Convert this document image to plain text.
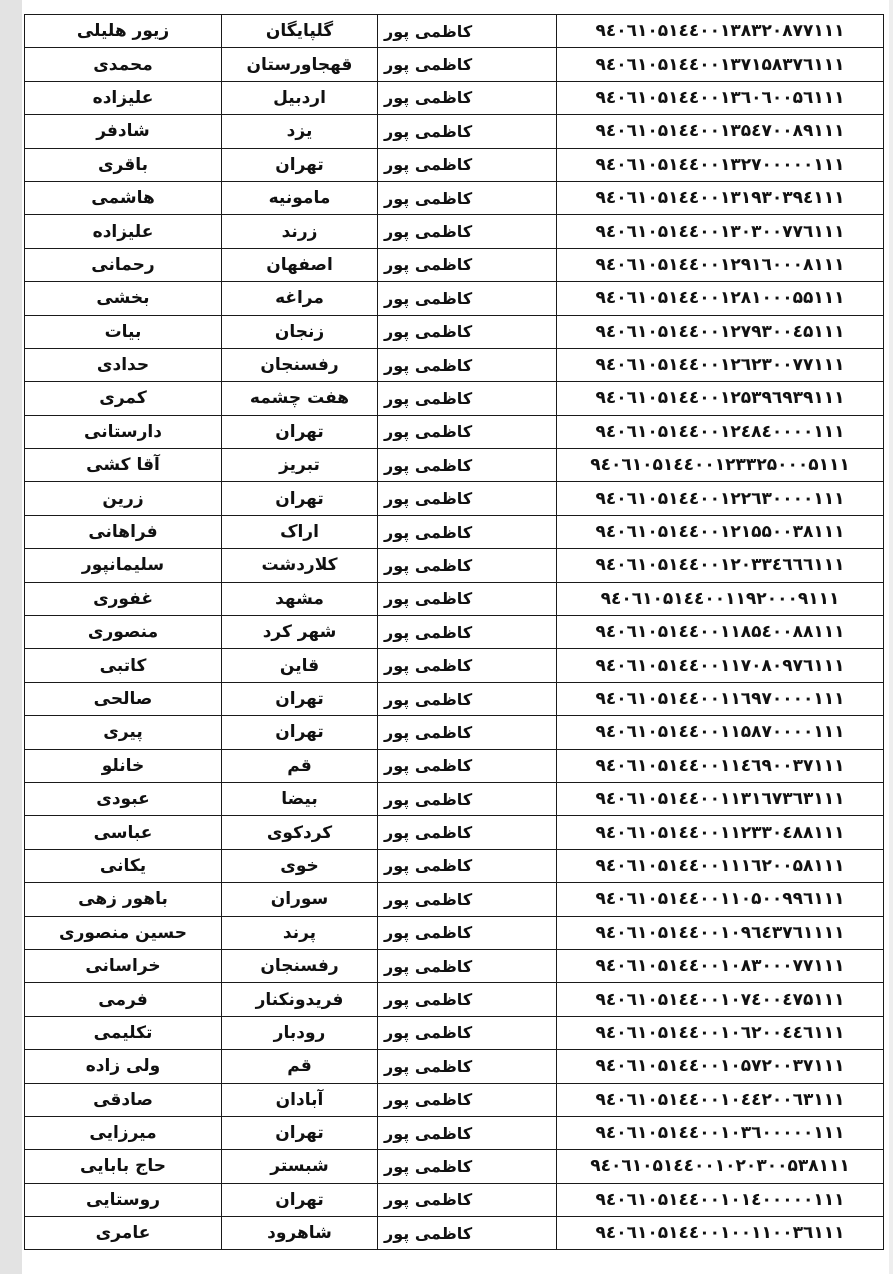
زیور هلیلی	گلپایگان	کاظمی پور	۹٤۰٦۱۰۵۱٤٤۰۰۱۳۸۳۲۰۸۷۷۱۱۱
محمدی	قهجاورستان	کاظمی پور	۹٤۰٦۱۰۵۱٤٤۰۰۱۳۷۱۵۸۳۷٦۱۱۱
علیزاده	اردبیل	کاظمی پور	۹٤۰٦۱۰۵۱٤٤۰۰۱۳٦۰٦۰۰۵٦۱۱۱
شادفر	یزد	کاظمی پور	۹٤۰٦۱۰۵۱٤٤۰۰۱۳۵٤۷۰۰۸۹۱۱۱
باقری	تهران	کاظمی پور	۹٤۰٦۱۰۵۱٤٤۰۰۱۳۲۷۰۰۰۰۰۱۱۱
هاشمی	مامونیه	کاظمی پور	۹٤۰٦۱۰۵۱٤٤۰۰۱۳۱۹۳۰۳۹٤۱۱۱
علیزاده	زرند	کاظمی پور	۹٤۰٦۱۰۵۱٤٤۰۰۱۳۰۳۰۰۷۷٦۱۱۱
رحمانی	اصفهان	کاظمی پور	۹٤۰٦۱۰۵۱٤٤۰۰۱۲۹۱٦۰۰۰۸۱۱۱
بخشی	مراغه	کاظمی پور	۹٤۰٦۱۰۵۱٤٤۰۰۱۲۸۱۰۰۰۵۵۱۱۱
بیات	زنجان	کاظمی پور	۹٤۰٦۱۰۵۱٤٤۰۰۱۲۷۹۳۰۰٤۵۱۱۱
حدادی	رفسنجان	کاظمی پور	۹٤۰٦۱۰۵۱٤٤۰۰۱۲٦۲۳۰۰۷۷۱۱۱
کمری	هفت چشمه	کاظمی پور	۹٤۰٦۱۰۵۱٤٤۰۰۱۲۵۳۹٦۹۳۹۱۱۱
دارستانی	تهران	کاظمی پور	۹٤۰٦۱۰۵۱٤٤۰۰۱۲٤۸٤۰۰۰۰۱۱۱
آقا کشی	تبریز	کاظمی پور	۹٤۰٦۱۰۵۱٤٤۰۰۱۲۳۳۲۵۰۰۰۵۱۱۱
زرین	تهران	کاظمی پور	۹٤۰٦۱۰۵۱٤٤۰۰۱۲۲٦۳۰۰۰۰۱۱۱
فراهانی	اراک	کاظمی پور	۹٤۰٦۱۰۵۱٤٤۰۰۱۲۱۵۵۰۰۳۸۱۱۱
سلیمانپور	کلاردشت	کاظمی پور	۹٤۰٦۱۰۵۱٤٤۰۰۱۲۰۳۳٤٦٦٦۱۱۱
غفوری	مشهد	کاظمی پور	۹٤۰٦۱۰۵۱٤٤۰۰۱۱۹۲۰۰۰۹۱۱۱
منصوری	شهر کرد	کاظمی پور	۹٤۰٦۱۰۵۱٤٤۰۰۱۱۸۵٤۰۰۸۸۱۱۱
کاتبی	قاین	کاظمی پور	۹٤۰٦۱۰۵۱٤٤۰۰۱۱۷۰۸۰۹۷٦۱۱۱
صالحی	تهران	کاظمی پور	۹٤۰٦۱۰۵۱٤٤۰۰۱۱٦۹۷۰۰۰۰۱۱۱
پیری	تهران	کاظمی پور	۹٤۰٦۱۰۵۱٤٤۰۰۱۱۵۸۷۰۰۰۰۱۱۱
خانلو	قم	کاظمی پور	۹٤۰٦۱۰۵۱٤٤۰۰۱۱٤٦۹۰۰۳۷۱۱۱
عبودی	بیضا	کاظمی پور	۹٤۰٦۱۰۵۱٤٤۰۰۱۱۳۱٦۷۳٦۳۱۱۱
عباسی	کردکوی	کاظمی پور	۹٤۰٦۱۰۵۱٤٤۰۰۱۱۲۳۳۰٤۸۸۱۱۱
یکانی	خوی	کاظمی پور	۹٤۰٦۱۰۵۱٤٤۰۰۱۱۱٦۲۰۰۵۸۱۱۱
باهور زهی	سوران	کاظمی پور	۹٤۰٦۱۰۵۱٤٤۰۰۱۱۰۵۰۰۹۹٦۱۱۱
حسین منصوری	پرند	کاظمی پور	۹٤۰٦۱۰۵۱٤٤۰۰۱۰۹٦٤۳۷٦۱۱۱۱
خراسانی	رفسنجان	کاظمی پور	۹٤۰٦۱۰۵۱٤٤۰۰۱۰۸۳۰۰۰۷۷۱۱۱
فرمی	فریدونکنار	کاظمی پور	۹٤۰٦۱۰۵۱٤٤۰۰۱۰۷٤۰۰٤۷۵۱۱۱
تکلیمی	رودبار	کاظمی پور	۹٤۰٦۱۰۵۱٤٤۰۰۱۰٦۲۰۰٤٤٦۱۱۱
ولی زاده	قم	کاظمی پور	۹٤۰٦۱۰۵۱٤٤۰۰۱۰۵۷۲۰۰۳۷۱۱۱
صادقی	آبادان	کاظمی پور	۹٤۰٦۱۰۵۱٤٤۰۰۱۰٤٤۲۰۰٦۳۱۱۱
میرزایی	تهران	کاظمی پور	۹٤۰٦۱۰۵۱٤٤۰۰۱۰۳٦۰۰۰۰۰۱۱۱
حاج بابایی	شبستر	کاظمی پور	۹٤۰٦۱۰۵۱٤٤۰۰۱۰۲۰۳۰۰۵۳۸۱۱۱
روستایی	تهران	کاظمی پور	۹٤۰٦۱۰۵۱٤٤۰۰۱۰۱٤۰۰۰۰۰۱۱۱
عامری	شاهرود	کاظمی پور	۹٤۰٦۱۰۵۱٤٤۰۰۱۰۰۱۱۰۰۳٦۱۱۱
